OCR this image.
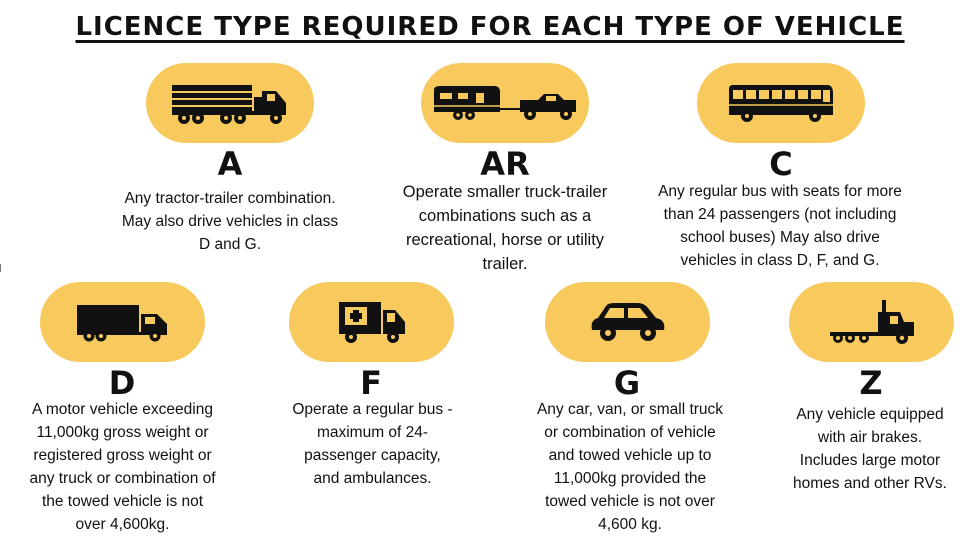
LICENCE TYPE REQUIRED FOR EACH TYPE OF VEHICLE
A
Any tractor-trailer combination.
May also drive vehicles in class
D and G.
AR
Operate smaller truck-trailer
combinations such as a
recreational, horse or utility
trailer.
C
Any regular bus with seats for more
than 24 passengers (not including
school buses) May also drive
vehicles in class D, F, and G.
D
A motor vehicle exceeding
11,000kg gross weight or
registered gross weight or
any truck or combination of
the towed vehicle is not
over 4,600kg.
F
Operate a regular bus -
maximum of 24-
passenger capacity,
and ambulances.
G
Any car, van, or small truck
or combination of vehicle
and towed vehicle up to
11,000kg provided the
towed vehicle is not over
4,600 kg.
Z
Any vehicle equipped
with air brakes.
Includes large motor
homes and other RVs.
